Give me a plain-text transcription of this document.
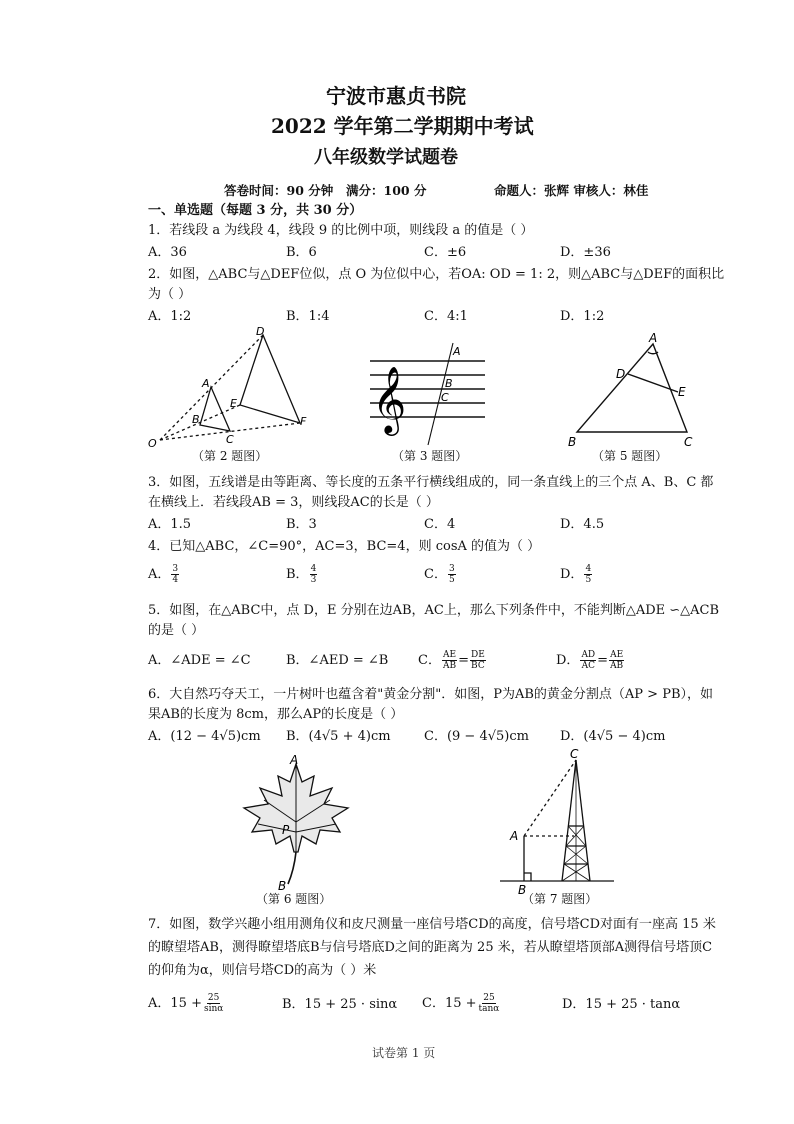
宁波市惠贞书院
2022 学年第二学期期中考试
八年级数学试题卷
答卷时间：90 分钟 满分：100 分	命题人：张辉 审核人：林佳
一、单选题（每题 3 分，共 30 分）
1．若线段 a 为线段 4，线段 9 的比例中项，则线段 a 的值是（ ）
A．36	B．6	C．±6	D．±36
2．如图，△ABC与△DEF位似，点 O 为位似中心，若OA: OD = 1: 2，则△ABC与△DEF的面积比
为（ ）
A．1:2	B．1:4	C．4:1	D．1:2
O
A
B
C
D
E
F
（第 2 题图）
𝄞
A
B
C
（第 3 题图）
A
D
E
B	C
（第 5 题图）
3．如图，五线谱是由等距离、等长度的五条平行横线组成的，同一条直线上的三个点 A、B、C 都
在横线上．若线段AB = 3，则线段AC的长是（ ）
A．1.5	B．3	C．4	D．4.5
4．已知△ABC，∠C=90°，AC=3，BC=4，则 cosA 的值为（ ）
A． $\frac{3}{4}$	B． $\frac{4}{3}$	C． $\frac{3}{5}$	D． $\frac{4}{5}$
5．如图，在△ABC中，点 D，E 分别在边AB，AC上，那么下列条件中，不能判断△ADE ∽△ACB
的是（ ）
A．∠ADE = ∠C	B．∠AED = ∠B C． $\frac{AE}{AB} = \frac{DE}{BC}$	D． $\frac{AD}{AC} = \frac{AE}{AB}$
6．大自然巧夺天工，一片树叶也蕴含着"黄金分割"．如图，P为AB的黄金分割点（AP > PB），如
果AB的长度为 8cm，那么AP的长度是（ ）
A．(12 − 4√5)cm B．(4√5 + 4)cm	C．(9 − 4√5)cm D．(4√5 − 4)cm
A
P
B
（第 6 题图）
C
A
B
（第 7 题图）
7．如图，数学兴趣小组用测角仪和皮尺测量一座信号塔CD的高度，信号塔CD对面有一座高 15 米
的瞭望塔AB，测得瞭望塔底B与信号塔底D之间的距离为 25 米，若从瞭望塔顶部A测得信号塔顶C
的仰角为α，则信号塔CD的高为（ ）米
A．$15 + \frac{25}{\sin\alpha}$	B．15 + 25 · sinα C．$15 + \frac{25}{\tan\alpha}$	D．15 + 25 · tanα
试卷第 1 页
